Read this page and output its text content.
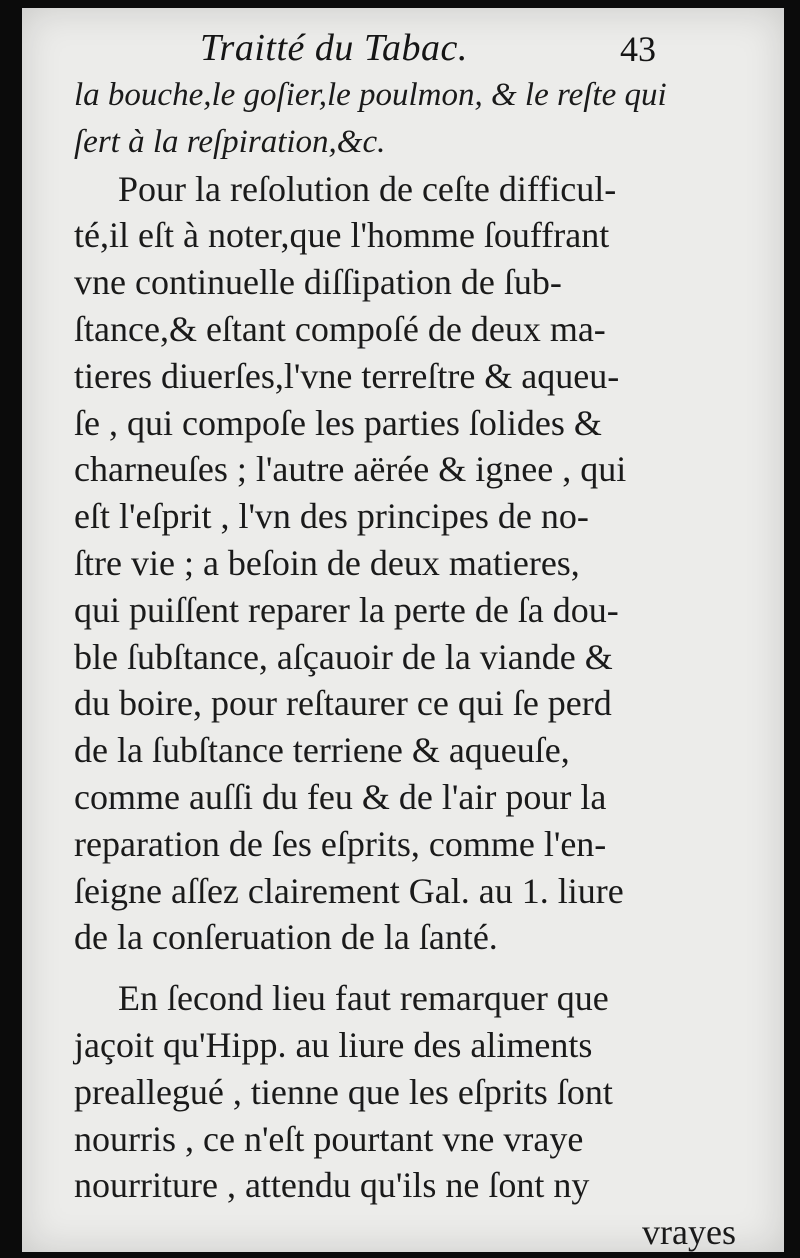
Traitté du Tabac.	43
la bouche,le goſier,le poulmon, & le reſte qui
ſert à la reſpiration,&c.
Pour la reſolution de ceſte difficul-
té,il eſt à noter,que l'homme ſouffrant
vne continuelle diſſipation de ſub-
ſtance,& eſtant compoſé de deux ma-
tieres diuerſes,l'vne terreſtre & aqueu-
ſe , qui compoſe les parties ſolides &
charneuſes ; l'autre aërée & ignee , qui
eſt l'eſprit , l'vn des principes de no-
ſtre vie ; a beſoin de deux matieres,
qui puiſſent reparer la perte de ſa dou-
ble ſubſtance, aſçauoir de la viande &
du boire, pour reſtaurer ce qui ſe perd
de la ſubſtance terriene & aqueuſe,
comme auſſi du feu & de l'air pour la
reparation de ſes eſprits, comme l'en-
ſeigne aſſez clairement Gal. au 1. liure
de la conſeruation de la ſanté.
En ſecond lieu faut remarquer que
jaçoit qu'Hipp. au liure des aliments
preallegué , tienne que les eſprits ſont
nourris , ce n'eſt pourtant vne vraye
nourriture , attendu qu'ils ne ſont ny
vrayes
